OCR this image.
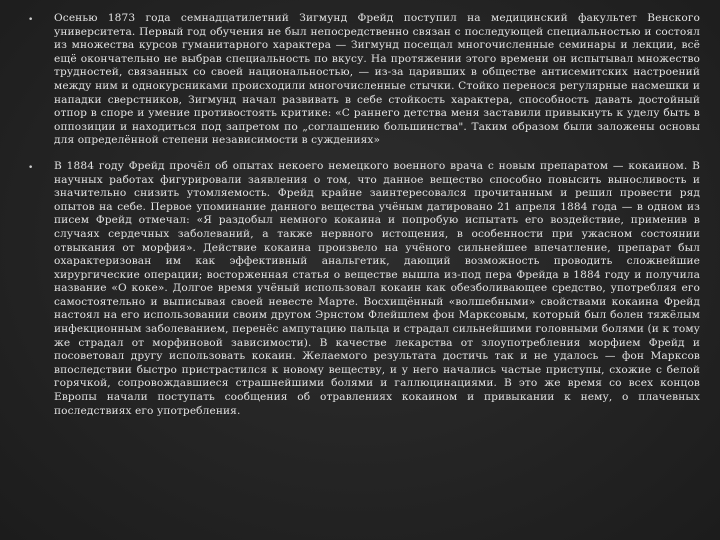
• Осенью 1873 года семнадцатилетний Зигмунд Фрейд поступил на медицинский факультет Венского университета. Первый год обучения не был непосредственно связан с последующей специальностью и состоял из множества курсов гуманитарного характера — Зигмунд посещал многочисленные семинары и лекции, всё ещё окончательно не выбрав специальность по вкусу. На протяжении этого времени он испытывал множество трудностей, связанных со своей национальностью, — из-за царивших в обществе антисемитских настроений между ним и однокурсниками происходили многочисленные стычки. Стойко перенося регулярные насмешки и нападки сверстников, Зигмунд начал развивать в себе стойкость характера, способность давать достойный отпор в споре и умение противостоять критике: «С раннего детства меня заставили привыкнуть к уделу быть в оппозиции и находиться под запретом по „соглашению большинства". Таким образом были заложены основы для определённой степени независимости в суждениях»
• В 1884 году Фрейд прочёл об опытах некоего немецкого военного врача с новым препаратом — кокаином. В научных работах фигурировали заявления о том, что данное вещество способно повысить выносливость и значительно снизить утомляемость. Фрейд крайне заинтересовался прочитанным и решил провести ряд опытов на себе. Первое упоминание данного вещества учёным датировано 21 апреля 1884 года — в одном из писем Фрейд отмечал: «Я раздобыл немного кокаина и попробую испытать его воздействие, применив в случаях сердечных заболеваний, а также нервного истощения, в особенности при ужасном состоянии отвыкания от морфия». Действие кокаина произвело на учёного сильнейшее впечатление, препарат был охарактеризован им как эффективный анальгетик, дающий возможность проводить сложнейшие хирургические операции; восторженная статья о веществе вышла из-под пера Фрейда в 1884 году и получила название «О коке». Долгое время учёный использовал кокаин как обезболивающее средство, употребляя его самостоятельно и выписывая своей невесте Марте. Восхищённый «волшебными» свойствами кокаина Фрейд настоял на его использовании своим другом Эрнстом Флейшлем фон Марксовым, который был болен тяжёлым инфекционным заболеванием, перенёс ампутацию пальца и страдал сильнейшими головными болями (и к тому же страдал от морфиновой зависимости). В качестве лекарства от злоупотребления морфием Фрейд и посоветовал другу использовать кокаин. Желаемого результата достичь так и не удалось — фон Марксов впоследствии быстро пристрастился к новому веществу, и у него начались частые приступы, схожие с белой горячкой, сопровождавшиеся страшнейшими болями и галлюцинациями. В это же время со всех концов Европы начали поступать сообщения об отравлениях кокаином и привыкании к нему, о плачевных последствиях его употребления.
